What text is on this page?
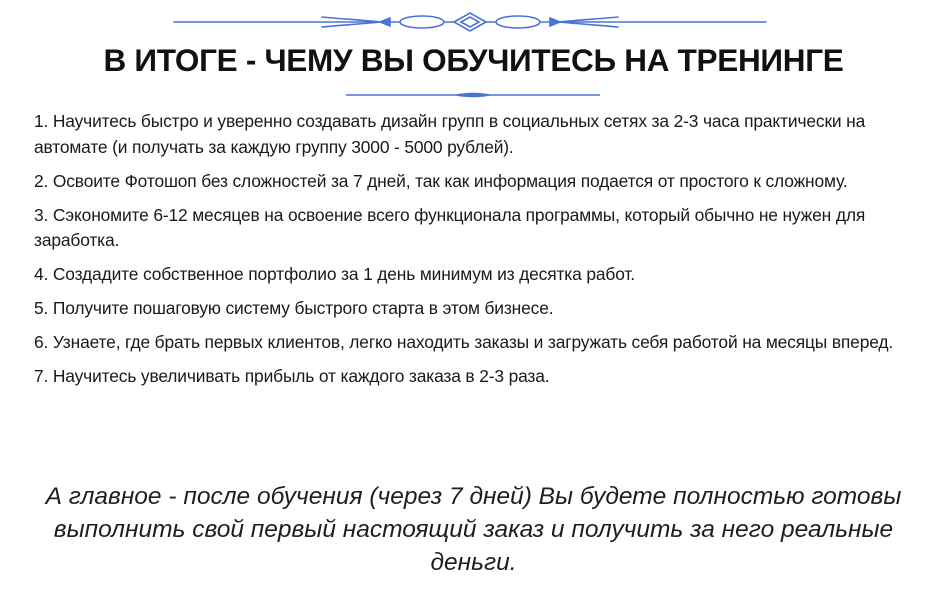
В ИТОГЕ - ЧЕМУ ВЫ ОБУЧИТЕСЬ НА ТРЕНИНГЕ
1. Научитесь быстро и уверенно создавать дизайн групп в социальных сетях за 2-3 часа практически на автомате (и получать за каждую группу 3000 - 5000 рублей).
2. Освоите Фотошоп без сложностей за 7 дней, так как информация подается от простого к сложному.
3. Сэкономите 6-12 месяцев на освоение всего функционала программы, который обычно не нужен для заработка.
4. Создадите собственное портфолио за 1 день минимум из десятка работ.
5. Получите пошаговую систему быстрого старта в этом бизнесе.
6. Узнаете, где брать первых клиентов, легко находить заказы и загружать себя работой на месяцы вперед.
7. Научитесь увеличивать прибыль от каждого заказа в 2-3 раза.

А главное - после обучения (через 7 дней) Вы будете полностью готовы выполнить свой первый настоящий заказ и получить за него реальные деньги.
